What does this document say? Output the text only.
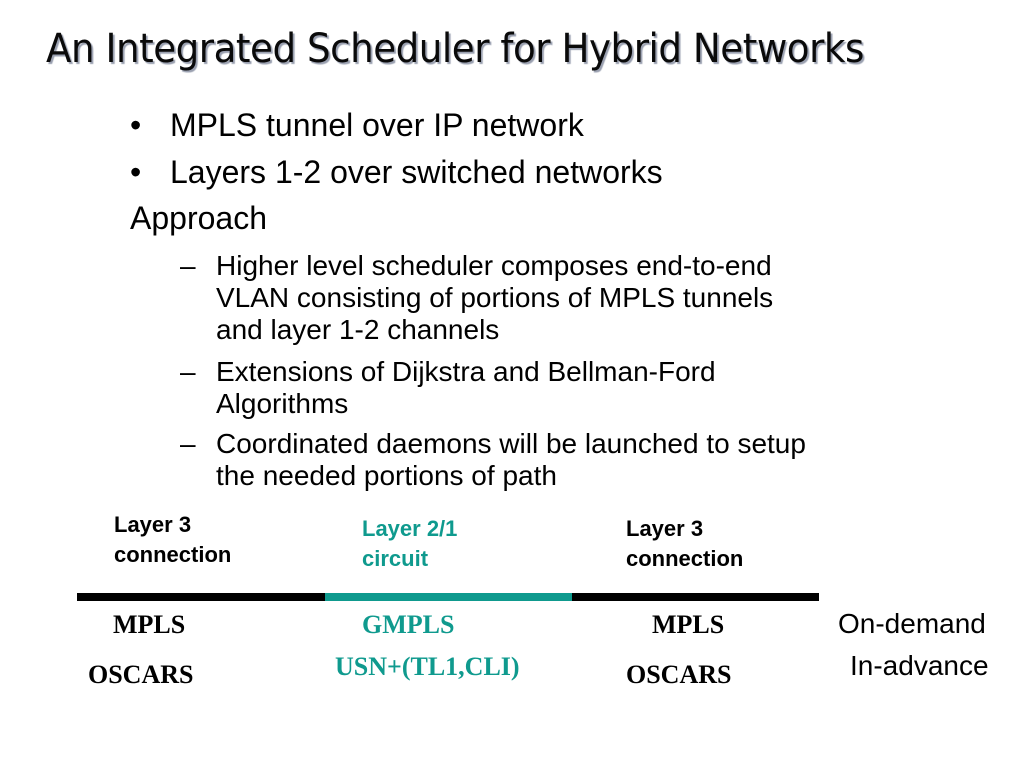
An Integrated Scheduler for Hybrid Networks
• MPLS tunnel over IP network
• Layers 1-2 over switched networks
Approach
– Higher level scheduler composes end-to-end VLAN consisting of portions of MPLS tunnels and layer 1-2 channels
– Extensions of Dijkstra and Bellman-Ford Algorithms
– Coordinated daemons will be launched to setup the needed portions of path
Layer 3
connection
Layer 2/1
circuit
Layer 3
connection
MPLS
OSCARS
GMPLS
USN+(TL1,CLI)
MPLS
OSCARS
On-demand
In-advance
